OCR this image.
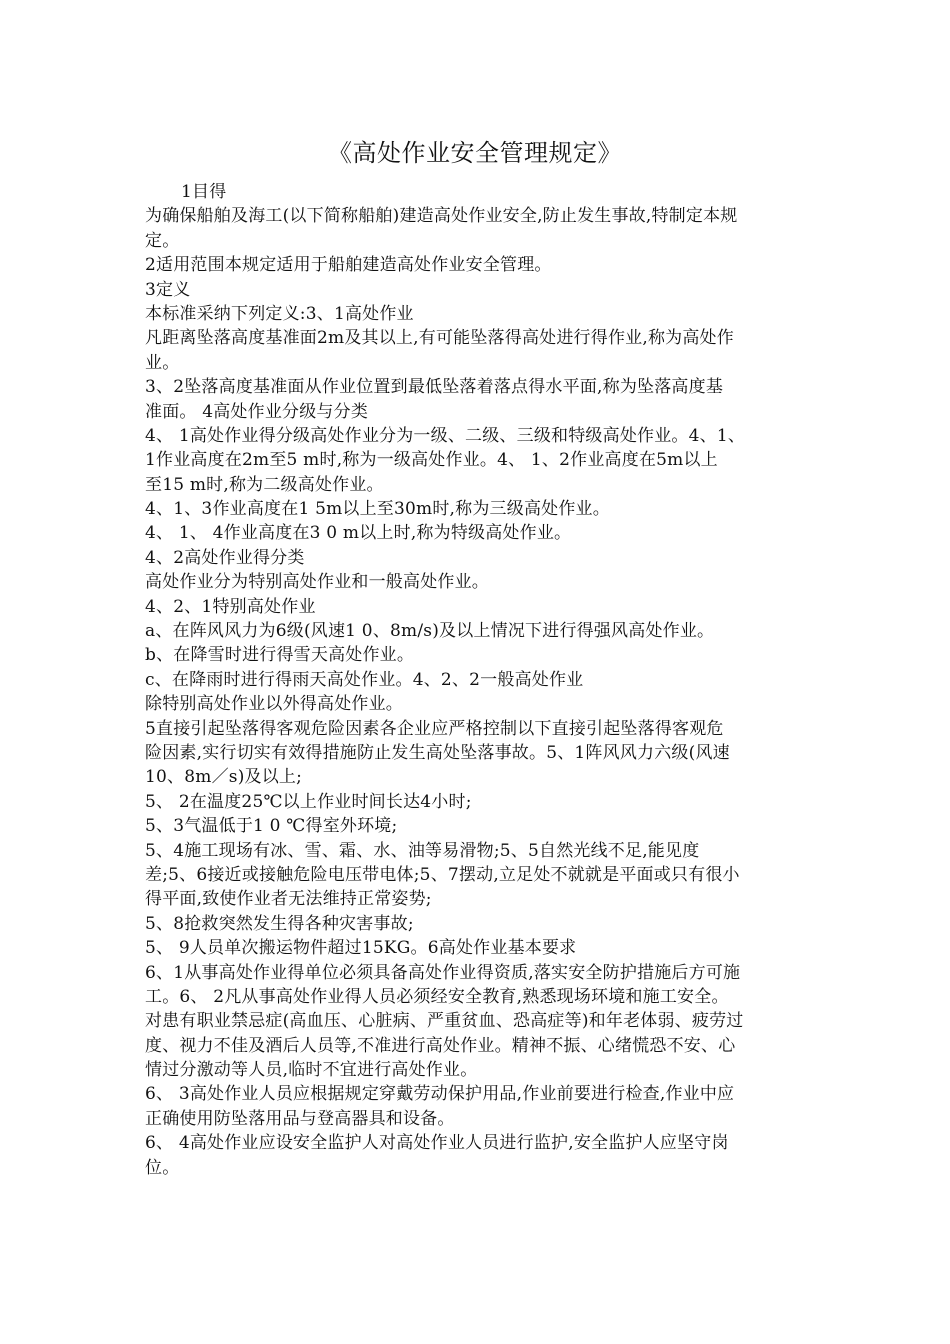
《高处作业安全管理规定》
1目得
为确保船舶及海工(以下简称船舶)建造高处作业安全,防止发生事故,特制定本规
定。
2适用范围本规定适用于船舶建造高处作业安全管理。
3定义
本标准采纳下列定义:3、1高处作业
凡距离坠落高度基准面2m及其以上,有可能坠落得高处进行得作业,称为高处作
业。
3、2坠落高度基准面从作业位置到最低坠落着落点得水平面,称为坠落高度基
准面。 4高处作业分级与分类
4、 1高处作业得分级高处作业分为一级、二级、三级和特级高处作业。4、1、
1作业高度在2m至5 m时,称为一级高处作业。4、 1、2作业高度在5m以上
至15 m时,称为二级高处作业。
4、1、3作业高度在1 5m以上至30m时,称为三级高处作业。
4、 1、 4作业高度在3 0 m以上时,称为特级高处作业。
4、2高处作业得分类
高处作业分为特别高处作业和一般高处作业。
4、2、1特别高处作业
a、在阵风风力为6级(风速1 0、8m/s)及以上情况下进行得强风高处作业。
b、在降雪时进行得雪天高处作业。
c、在降雨时进行得雨天高处作业。4、2、2一般高处作业
除特别高处作业以外得高处作业。
5直接引起坠落得客观危险因素各企业应严格控制以下直接引起坠落得客观危
险因素,实行切实有效得措施防止发生高处坠落事故。5、1阵风风力六级(风速
10、8m／s)及以上;
5、 2在温度25℃以上作业时间长达4小时;
5、3气温低于1 0 ℃得室外环境;
5、4施工现场有冰、雪、霜、水、油等易滑物;5、5自然光线不足,能见度
差;5、6接近或接触危险电压带电体;5、7摆动,立足处不就就是平面或只有很小
得平面,致使作业者无法维持正常姿势;
5、8抢救突然发生得各种灾害事故;
5、 9人员单次搬运物件超过15KG。6高处作业基本要求
6、1从事高处作业得单位必须具备高处作业得资质,落实安全防护措施后方可施
工。6、 2凡从事高处作业得人员必须经安全教育,熟悉现场环境和施工安全。
对患有职业禁忌症(高血压、心脏病、严重贫血、恐高症等)和年老体弱、疲劳过
度、视力不佳及酒后人员等,不准进行高处作业。精神不振、心绪慌恐不安、心
情过分激动等人员,临时不宜进行高处作业。
6、 3高处作业人员应根据规定穿戴劳动保护用品,作业前要进行检查,作业中应
正确使用防坠落用品与登高器具和设备。
6、 4高处作业应设安全监护人对高处作业人员进行监护,安全监护人应坚守岗
位。
